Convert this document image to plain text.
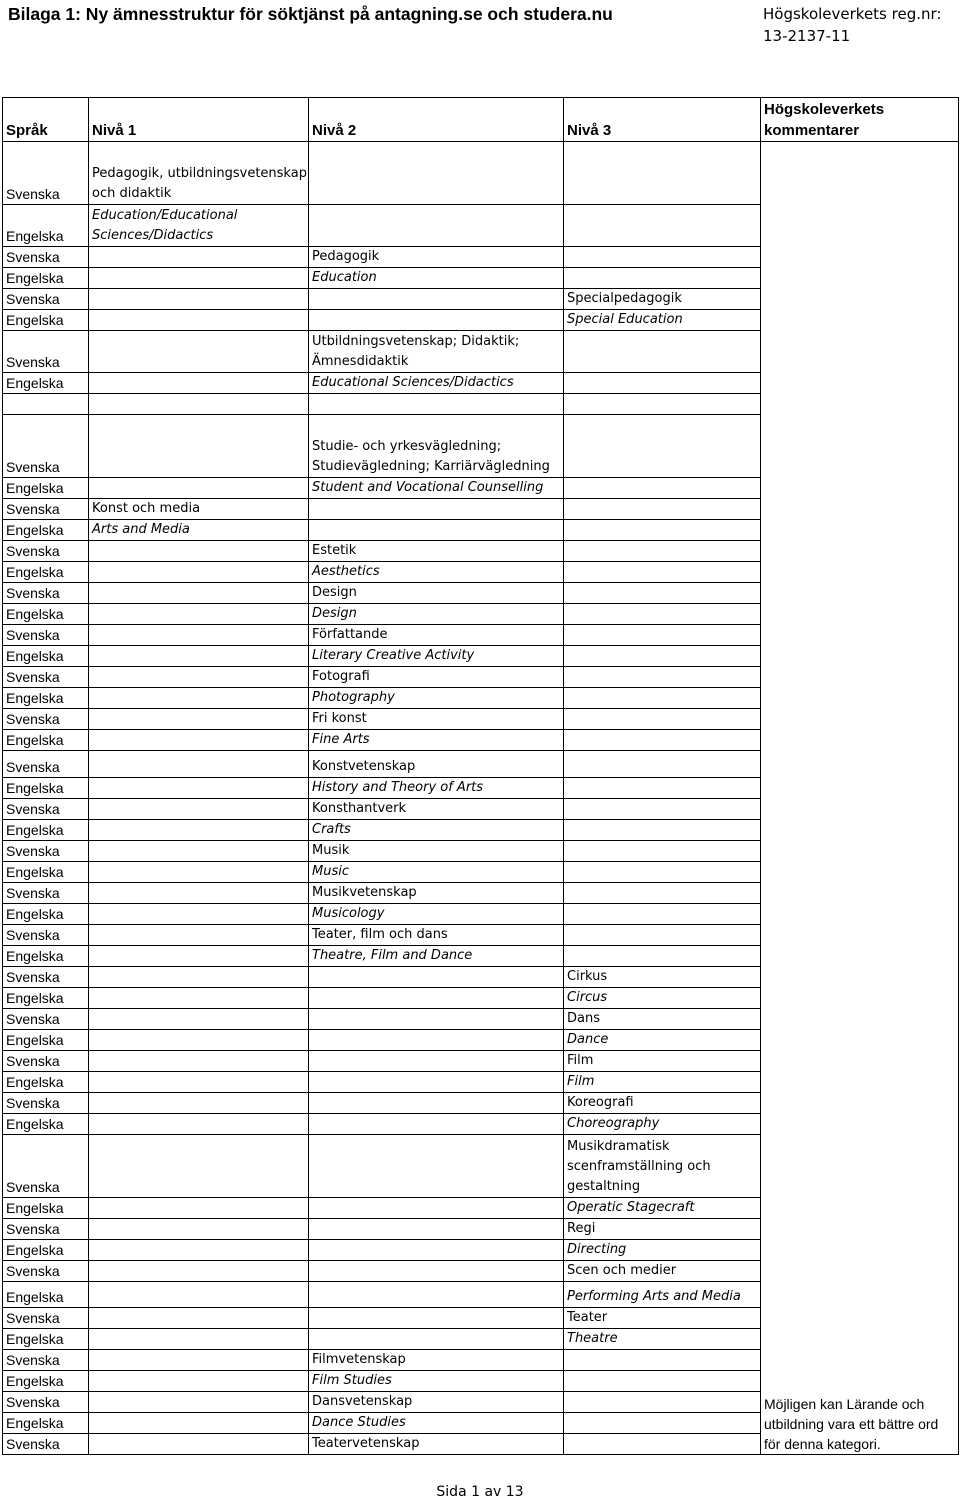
Bilaga 1: Ny ämnesstruktur för söktjänst på antagning.se och studera.nu	Högskoleverkets reg.nr:
13-2137-11
Språk	Nivå 1	Nivå 2	Nivå 3	Högskoleverkets kommentarer
Svenska	Pedagogik, utbildningsvetenskap och didaktik			Möjligen kan Lärande och utbildning vara ett bättre ord för denna kategori.
Engelska	Education/Educational Sciences/Didactics			
Svenska		Pedagogik		
Engelska		Education		
Svenska			Specialpedagogik	
Engelska			Special Education	
Svenska		Utbildningsvetenskap; Didaktik; Ämnesdidaktik		
Engelska		Educational Sciences/Didactics		

Svenska		Studie- och yrkesvägledning; Studievägledning; Karriärvägledning		
Engelska		Student and Vocational Counselling		
Svenska	Konst och media			
Engelska	Arts and Media			
Svenska		Estetik		
Engelska		Aesthetics		
Svenska		Design		
Engelska		Design		
Svenska		Författande		
Engelska		Literary Creative Activity		
Svenska		Fotografi		
Engelska		Photography		
Svenska		Fri konst		
Engelska		Fine Arts		
Svenska		Konstvetenskap		
Engelska		History and Theory of Arts		
Svenska		Konsthantverk		
Engelska		Crafts		
Svenska		Musik		
Engelska		Music		
Svenska		Musikvetenskap		
Engelska		Musicology		
Svenska		Teater, film och dans		
Engelska		Theatre, Film and Dance		
Svenska			Cirkus	
Engelska			Circus	
Svenska			Dans	
Engelska			Dance	
Svenska			Film	
Engelska			Film	
Svenska			Koreografi	
Engelska			Choreography	
Svenska			Musikdramatisk scenframställning och gestaltning	
Engelska			Operatic Stagecraft	
Svenska			Regi	
Engelska			Directing	
Svenska			Scen och medier	
Engelska			Performing Arts and Media	
Svenska			Teater	
Engelska			Theatre	
Svenska		Filmvetenskap		
Engelska		Film Studies		
Svenska		Dansvetenskap		
Engelska		Dance Studies		
Svenska		Teatervetenskap		
Sida 1 av 13
